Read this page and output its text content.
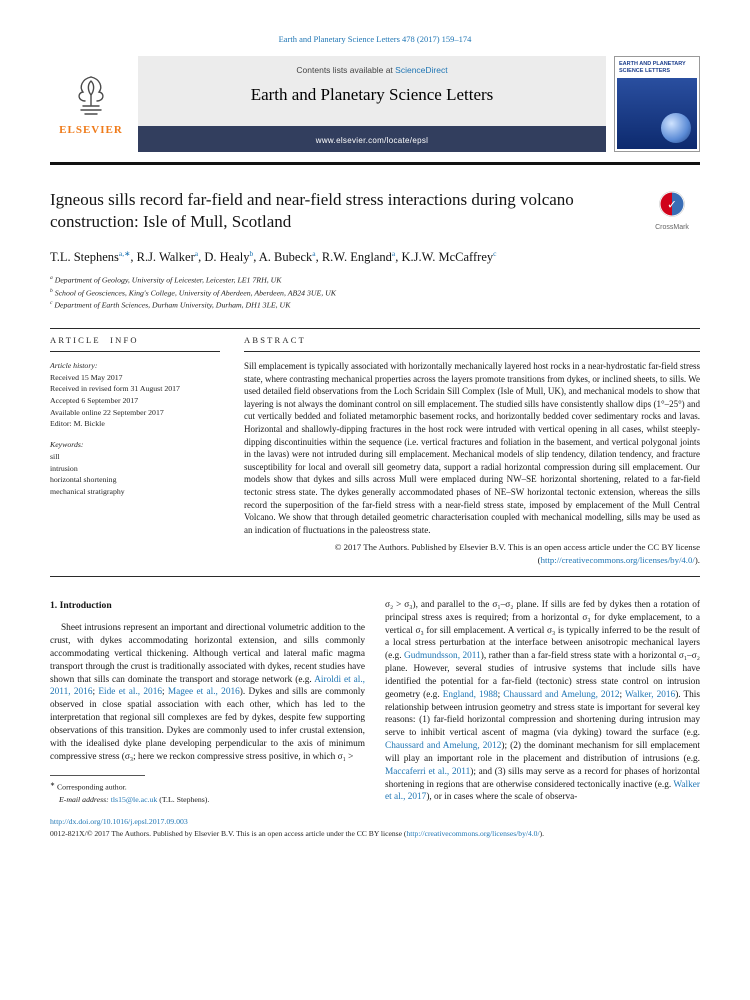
Earth and Planetary Science Letters 478 (2017) 159–174
ELSEVIER
Contents lists available at ScienceDirect
Earth and Planetary Science Letters
www.elsevier.com/locate/epsl
EARTH AND PLANETARY SCIENCE LETTERS
Igneous sills record far-field and near-field stress interactions during volcano construction: Isle of Mull, Scotland
✓
CrossMark
T.L. Stephens$^{a,∗}$ , R.J. Walker$^a$ , D. Healy$^b$ , A. Bubeck$^a$ , R.W. England$^a$ , K.J.W. McCaffrey$^c$
$^a$ Department of Geology, University of Leicester, Leicester, LE1 7RH, UK
$^b$ School of Geosciences, King's College, University of Aberdeen, Aberdeen, AB24 3UE, UK
$^c$ Department of Earth Sciences, Durham University, Durham, DH1 3LE, UK
ARTICLE INFO
Article history:
Received 15 May 2017
Received in revised form 31 August 2017
Accepted 6 September 2017
Available online 22 September 2017
Editor: M. Bickle
Keywords:
sill
intrusion
horizontal shortening
mechanical stratigraphy
ABSTRACT
Sill emplacement is typically associated with horizontally mechanically layered host rocks in a near-hydrostatic far-field stress state, where contrasting mechanical properties across the layers promote transitions from dykes, or inclined sheets, to sills. We used detailed field observations from the Loch Scridain Sill Complex (Isle of Mull, UK), and mechanical models to show that layering is not always the dominant control on sill emplacement. The studied sills have consistently shallow dips (1°–25°) and cut vertically bedded and foliated metamorphic basement rocks, and horizontally bedded cover sedimentary rocks and lavas. Horizontal and shallowly-dipping fractures in the host rock were intruded with vertical opening in all cases, whilst steeply-dipping discontinuities within the sequence (i.e. vertical fractures and foliation in the basement, and vertical polygonal joints in the lavas) were not intruded during sill emplacement. Mechanical models of slip tendency, dilation tendency, and fracture susceptibility for local and overall sill geometry data, support a radial horizontal compression during sill emplacement. Our models show that dykes and sills across Mull were emplaced during NW–SE horizontal shortening, related to a far-field tectonic stress state. The dykes generally accommodated phases of NE–SW horizontal tectonic extension, whereas the sills record the superposition of the far-field stress with a near-field stress state, imposed by emplacement of the Mull Central Volcano. We show that through detailed geometric characterisation coupled with mechanical modelling, sills may be used as an indication of fluctuations in the paleostress state.
© 2017 The Authors. Published by Elsevier B.V. This is an open access article under the CC BY license
(http://creativecommons.org/licenses/by/4.0/).
1. Introduction

Sheet intrusions represent an important and directional volumetric addition to the crust, with dykes accommodating horizontal extension, and sills commonly accommodating vertical thickening. Although vertical and lateral mafic magma transport through the crust is traditionally associated with dykes, recent studies have shown that sills can dominate the transport and storage network (e.g. Airoldi et al., 2011, 2016; Eide et al., 2016; Magee et al., 2016). Dykes and sills are commonly observed in close spatial association with each other, which has led to the interpretation that regional sill complexes are fed by dykes, despite few supporting observations of this transition. Dykes are commonly used to infer crustal extension, with the idealised dyke plane developing perpendicular to the axis of minimum compressive stress (σ₃; here we reckon compressive stress positive, in which σ₁ >

∗ Corresponding author.
E-mail address: tls15@le.ac.uk (T.L. Stephens).

σ₂ > σ₃), and parallel to the σ₁–σ₂ plane. If sills are fed by dykes then a rotation of principal stress axes is required; from a horizontal σ₃ for dyke emplacement, to a vertical σ₃ for sill emplacement. A vertical σ₃ is typically inferred to be the result of a local stress perturbation at the interface between anisotropic mechanical layers (e.g. Gudmundsson, 2011), rather than a far-field stress state with a horizontal σ₁–σ₂ plane. However, several studies of intrusive systems that include sills have identified the potential for a far-field (tectonic) stress state control on intrusion geometry (e.g. England, 1988; Chaussard and Amelung, 2012; Walker, 2016). This relationship between intrusion geometry and stress state is important for several key reasons: (1) far-field horizontal compression and shortening during intrusion may serve to inhibit vertical ascent of magma (via dyking) toward the surface (e.g. Chaussard and Amelung, 2012); (2) the dominant mechanism for sill emplacement will play an important role in the placement and distribution of intrusions (e.g. Maccaferri et al., 2011); and (3) sills may serve as a record for phases of horizontal shortening in regions that are otherwise considered tectonically inactive (e.g. Walker et al., 2017), or in cases where the scale of observa-

http://dx.doi.org/10.1016/j.epsl.2017.09.003
0012-821X/© 2017 The Authors. Published by Elsevier B.V. This is an open access article under the CC BY license (http://creativecommons.org/licenses/by/4.0/).
